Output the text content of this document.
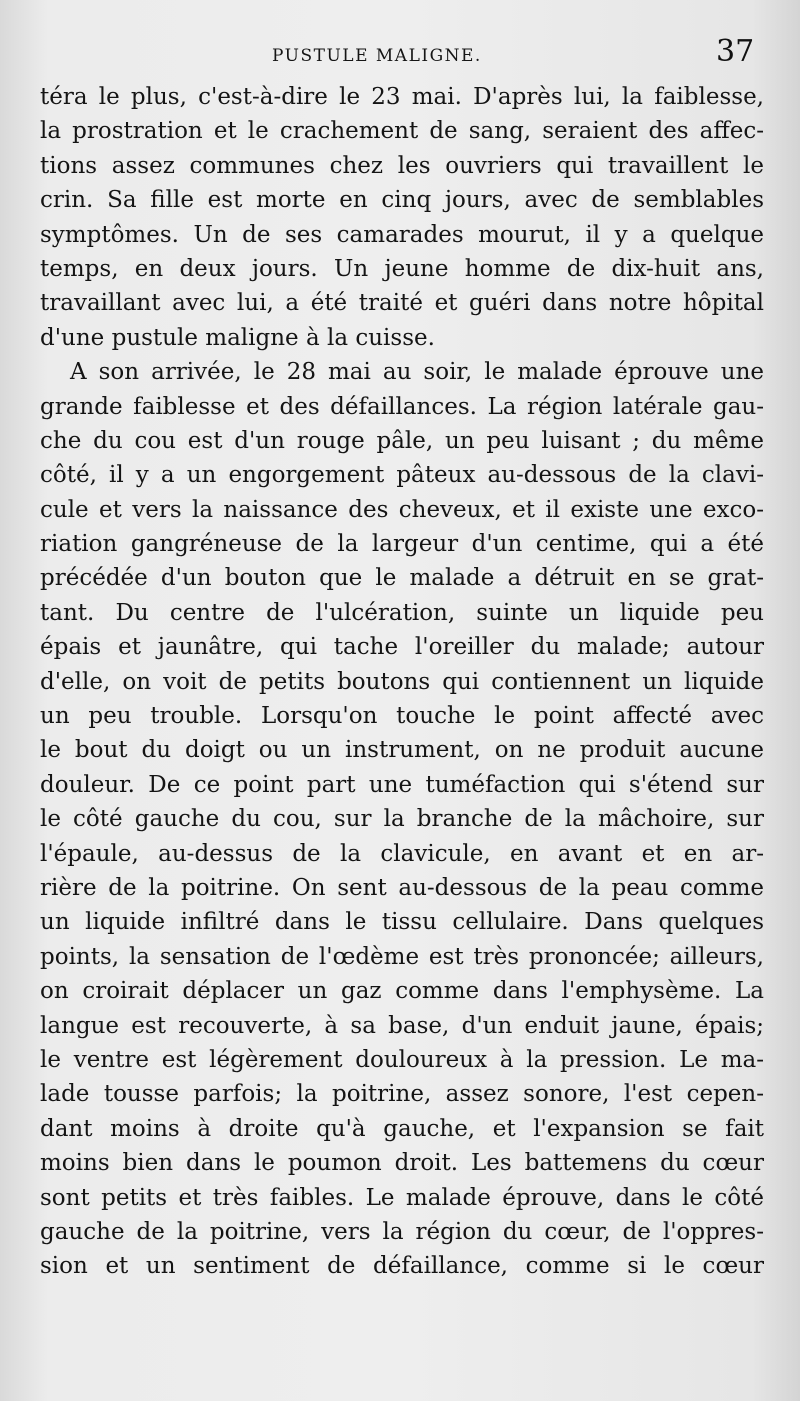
PUSTULE MALIGNE.	37
téra le plus, c'est-à-dire le 23 mai. D'après lui, la faiblesse,
la prostration et le crachement de sang, seraient des affec-
tions assez communes chez les ouvriers qui travaillent le
crin. Sa fille est morte en cinq jours, avec de semblables
symptômes. Un de ses camarades mourut, il y a quelque
temps, en deux jours. Un jeune homme de dix-huit ans,
travaillant avec lui, a été traité et guéri dans notre hôpital
d'une pustule maligne à la cuisse.
A son arrivée, le 28 mai au soir, le malade éprouve une
grande faiblesse et des défaillances. La région latérale gau-
che du cou est d'un rouge pâle, un peu luisant ; du même
côté, il y a un engorgement pâteux au-dessous de la clavi-
cule et vers la naissance des cheveux, et il existe une exco-
riation gangréneuse de la largeur d'un centime, qui a été
précédée d'un bouton que le malade a détruit en se grat-
tant. Du centre de l'ulcération, suinte un liquide peu
épais et jaunâtre, qui tache l'oreiller du malade; autour
d'elle, on voit de petits boutons qui contiennent un liquide
un peu trouble. Lorsqu'on touche le point affecté avec
le bout du doigt ou un instrument, on ne produit aucune
douleur. De ce point part une tuméfaction qui s'étend sur
le côté gauche du cou, sur la branche de la mâchoire, sur
l'épaule, au-dessus de la clavicule, en avant et en ar-
rière de la poitrine. On sent au-dessous de la peau comme
un liquide infiltré dans le tissu cellulaire. Dans quelques
points, la sensation de l'œdème est très prononcée; ailleurs,
on croirait déplacer un gaz comme dans l'emphysème. La
langue est recouverte, à sa base, d'un enduit jaune, épais;
le ventre est légèrement douloureux à la pression. Le ma-
lade tousse parfois; la poitrine, assez sonore, l'est cepen-
dant moins à droite qu'à gauche, et l'expansion se fait
moins bien dans le poumon droit. Les battemens du cœur
sont petits et très faibles. Le malade éprouve, dans le côté
gauche de la poitrine, vers la région du cœur, de l'oppres-
sion et un sentiment de défaillance, comme si le cœur
